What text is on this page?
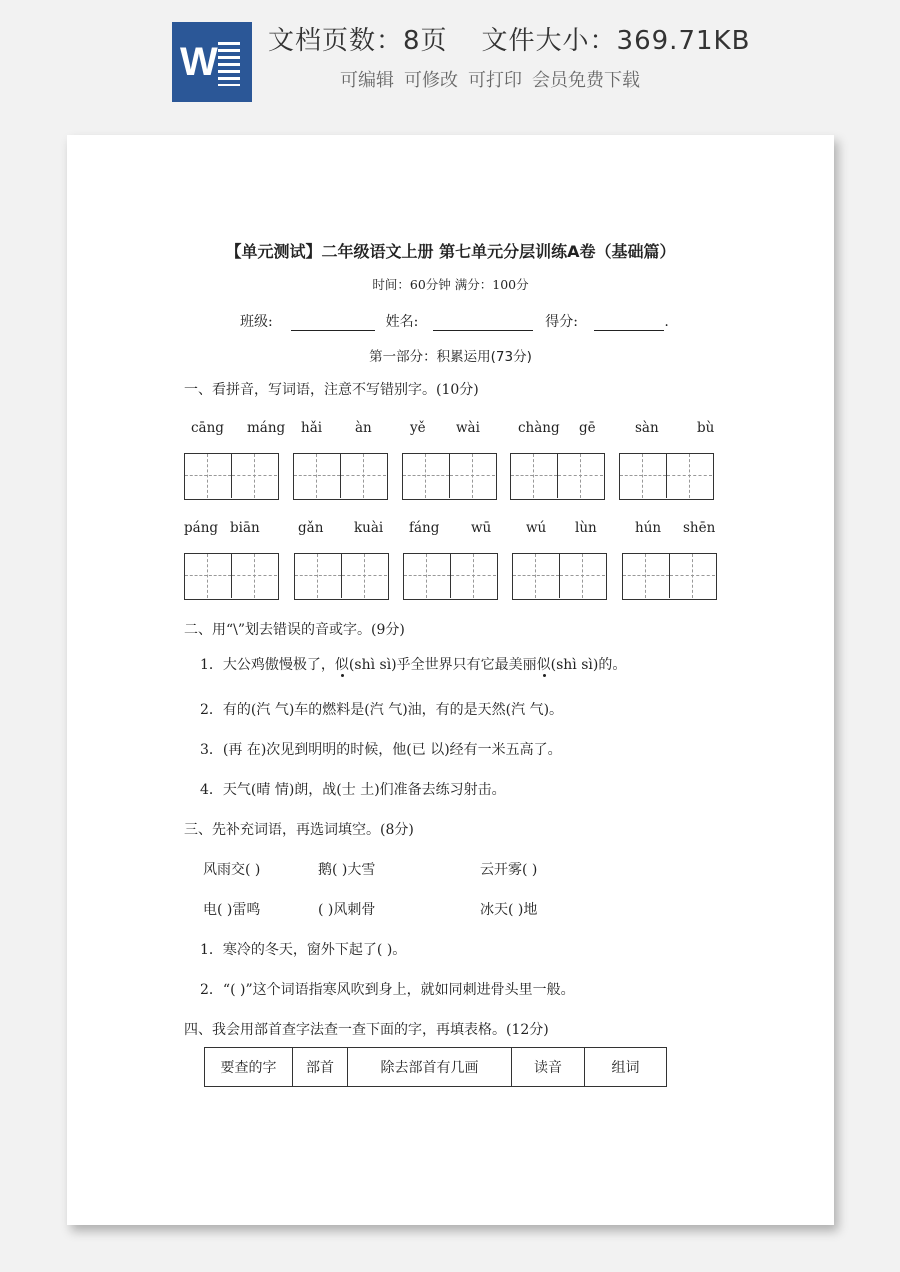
W 文档页数：8页 文件大小：369.71KB
可编辑 可修改 可打印 会员免费下载
【单元测试】二年级语文上册 第七单元分层训练A卷（基础篇）
时间：60分钟 满分：100分
班级:	姓名:	得分:	.
第一部分：积累运用(73分)
一、看拼音，写词语，注意不写错别字。(10分)
cāng máng hǎi àn	yě wài	chàng gē	sàn	bù
páng biān	gǎn kuài fáng wū	wú lùn	hún shēn
二、用“\”划去错误的音或字。(9分)
1．大公鸡傲慢极了，似(shì sì)乎全世界只有它最美丽似(shì sì)的。
2．有的(汽 气)车的燃料是(汽 气)油，有的是天然(汽 气)。
3．(再 在)次见到明明的时候，他(已 以)经有一米五高了。
4．天气(晴 情)朗，战(士 土)们准备去练习射击。
三、先补充词语，再选词填空。(8分)
风雨交( )	鹅( )大雪	云开雾( )
电( )雷鸣	( )风刺骨	冰天( )地
1．寒冷的冬天，窗外下起了( )。
2．“( )”这个词语指寒风吹到身上，就如同刺进骨头里一般。
四、我会用部首查字法查一查下面的字，再填表格。(12分)
要查的字	部首	除去部首有几画	读音	组词
